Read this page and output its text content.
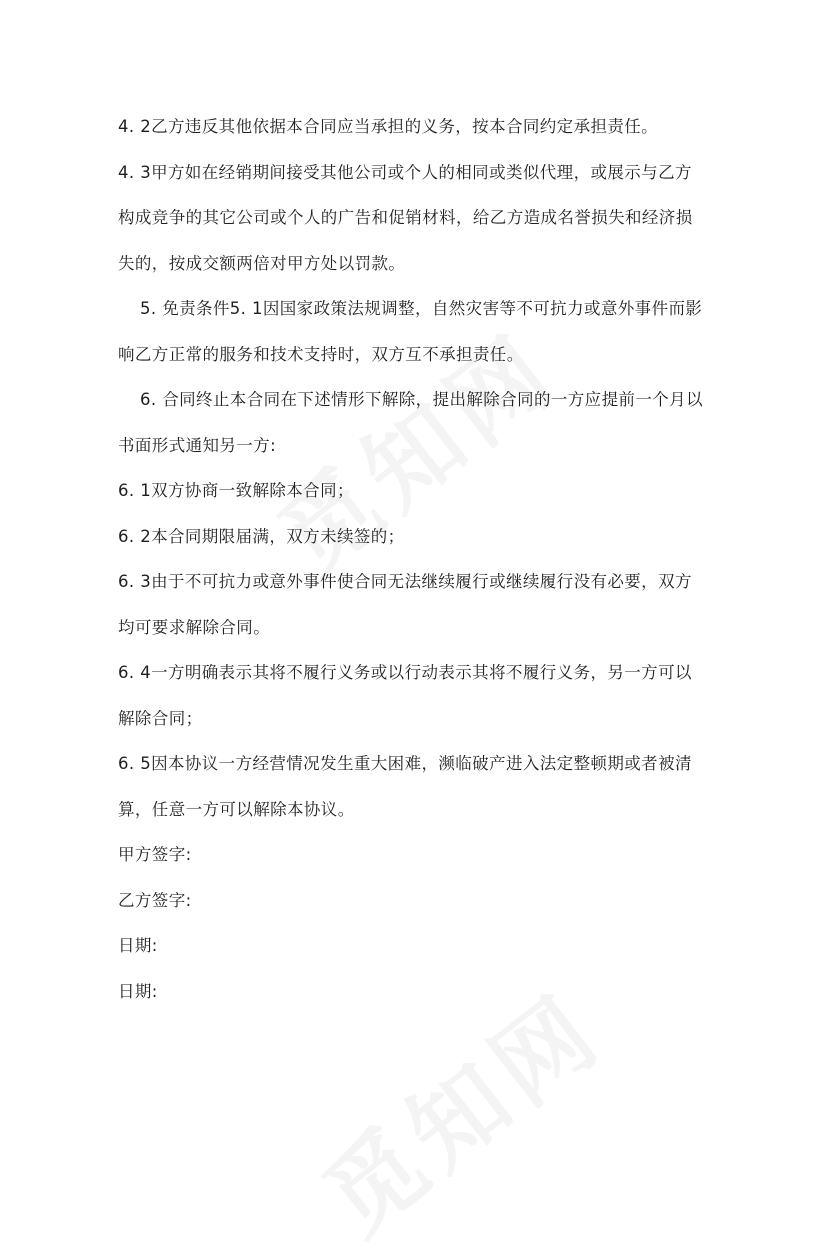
4. 2乙方违反其他依据本合同应当承担的义务，按本合同约定承担责任。

4. 3甲方如在经销期间接受其他公司或个人的相同或类似代理，或展示与乙方构成竞争的其它公司或个人的广告和促销材料，给乙方造成名誉损失和经济损失的，按成交额两倍对甲方处以罚款。

5. 免责条件5. 1因国家政策法规调整，自然灾害等不可抗力或意外事件而影响乙方正常的服务和技术支持时，双方互不承担责任。

6. 合同终止本合同在下述情形下解除，提出解除合同的一方应提前一个月以书面形式通知另一方:

6. 1双方协商一致解除本合同；

6. 2本合同期限届满，双方未续签的；

6. 3由于不可抗力或意外事件使合同无法继续履行或继续履行没有必要，双方均可要求解除合同。

6. 4一方明确表示其将不履行义务或以行动表示其将不履行义务，另一方可以解除合同；

6. 5因本协议一方经营情况发生重大困难，濒临破产进入法定整顿期或者被清算，任意一方可以解除本协议。

甲方签字:

乙方签字:

日期:

日期:
